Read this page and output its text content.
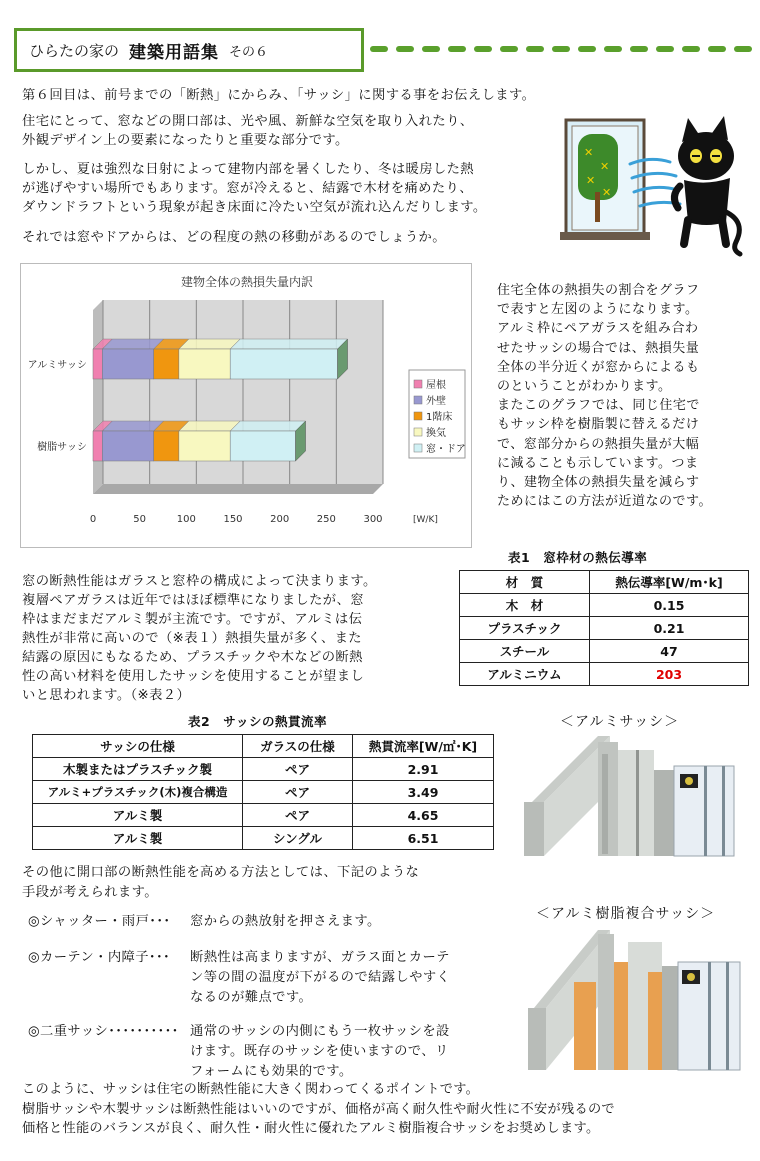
ひらたの家の 建築用語集 その６
第６回目は、前号までの「断熱」にからみ、「サッシ」に関する事をお伝えします。
住宅にとって、窓などの開口部は、光や風、新鮮な空気を取り入れたり、
外観デザイン上の要素になったりと重要な部分です。
しかし、夏は強烈な日射によって建物内部を暑くしたり、冬は暖房した熱
が逃げやすい場所でもあります。窓が冷えると、結露で木材を痛めたり、
ダウンドラフトという現象が起き床面に冷たい空気が流れ込んだりします。
それでは窓やドアからは、どの程度の熱の移動があるのでしょうか。
✕
✕
✕
✕
建物全体の熱損失量内訳
アルミサッシ
樹脂サッシ
0	50	100	150	200	250	300
屋根
外壁
1階床
換気
窓・ドア
[W/K]
住宅全体の熱損失の割合をグラフ
で表すと左図のようになります。
アルミ枠にペアガラスを組み合わ
せたサッシの場合では、熱損失量
全体の半分近くが窓からによるも
のということがわかります。
またこのグラフでは、同じ住宅で
もサッシ枠を樹脂製に替えるだけ
で、窓部分からの熱損失量が大幅
に減ることも示しています。つま
り、建物全体の熱損失量を減らす
ためにはこの方法が近道なのです。
表1　窓枠材の熱伝導率
材　質	熱伝導率[W/m･k]
木　材	0.15
プラスチック	0.21
スチール	47
アルミニウム	203
窓の断熱性能はガラスと窓枠の構成によって決まります。
複層ペアガラスは近年ではほぼ標準になりましたが、窓
枠はまだまだアルミ製が主流です。ですが、アルミは伝
熱性が非常に高いので（※表１）熱損失量が多く、また
結露の原因にもなるため、プラスチックや木などの断熱
性の高い材料を使用したサッシを使用することが望まし
いと思われます。（※表２）
表2　サッシの熱貫流率
サッシの仕様	ガラスの仕様	熱貫流率[W/㎡･K]
木製またはプラスチック製	ペア	2.91
アルミ+プラスチック(木)複合構造	ペア	3.49
アルミ製	ペア	4.65
アルミ製	シングル	6.51
＜アルミサッシ＞
その他に開口部の断熱性能を高める方法としては、下記のような
手段が考えられます。
◎シャッター・雨戸･･･	窓からの熱放射を押さえます。
◎カーテン・内障子･･･	断熱性は高まりますが、ガラス面とカーテ
ン等の間の温度が下がるので結露しやすく
なるのが難点です。
◎二重サッシ･･････････ 通常のサッシの内側にもう一枚サッシを設
けます。既存のサッシを使いますので、リ
フォームにも効果的です。
＜アルミ樹脂複合サッシ＞
このように、サッシは住宅の断熱性能に大きく関わってくるポイントです。
樹脂サッシや木製サッシは断熱性能はいいのですが、価格が高く耐久性や耐火性に不安が残るので
価格と性能のバランスが良く、耐久性・耐火性に優れたアルミ樹脂複合サッシをお奨めします。
